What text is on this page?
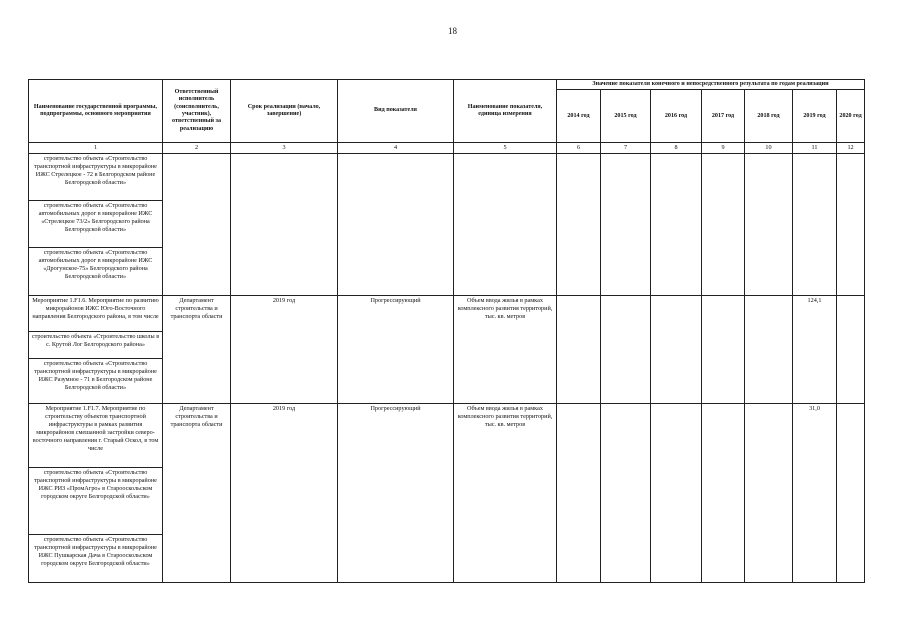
18
Наименование государственной программы, подпрограммы, основного мероприятия	Ответственный исполнитель (соисполнитель, участник), ответственный за реализацию	Срок реализации (начало, завершение)	Вид показателя	Наименование показателя, единица измерения	Значение показателя конечного и непосредственного результата по годам реализации						
					2014 год	2015 год	2016 год	2017 год	2018 год	2019 год	2020 год
1	2	3	4	5	6	7	8	9	10	11	12
строительство объекта «Строительство транспортной инфраструктуры в микрорайоне ИЖС Стрелецкое - 72 в Белгородском районе Белгородской области»											
строительство объекта «Строительство автомобильных дорог в микрорайоне ИЖС «Стрелецкое 73/2» Белгородского района Белгородской области»											
строительство объекта «Строительство автомобильных дорог в микрорайоне ИЖС «Дрогунское-75» Белгородского района Белгородской области»											
Мероприятие 1.F1.6. Мероприятие по развитию микрорайонов ИЖС Юго-Восточного направления Белгородского района, в том числе	Департамент строительства и транспорта области	2019 год	Прогрессирующий	Объем ввода жилья в рамках комплексного развития территорий, тыс. кв. метров						124,1	
строительство объекта «Строительство школы в с. Крутой Лог Белгородского района»											
строительство объекта «Строительство транспортной инфраструктуры в микрорайоне ИЖС Разумное - 71 в Белгородском районе Белгородской области»											
Мероприятие 1.F1.7. Мероприятие по строительству объектов транспортной инфраструктуры в рамках развития микрорайонов смешанной застройки северо-восточного направления г. Старый Оскол, в том числе	Департамент строительства и транспорта области	2019 год	Прогрессирующий	Объем ввода жилья в рамках комплексного развития территорий, тыс. кв. метров						31,0	
строительство объекта «Строительство транспортной инфраструктуры в микрорайоне ИЖС РИЗ «ПромАгро» в Старооскольском городском округе Белгородской области»											
строительство объекта «Строительство транспортной инфраструктуры в микрорайоне ИЖС Пушкарская Дача в Старооскольском городском округе Белгородской области»											
